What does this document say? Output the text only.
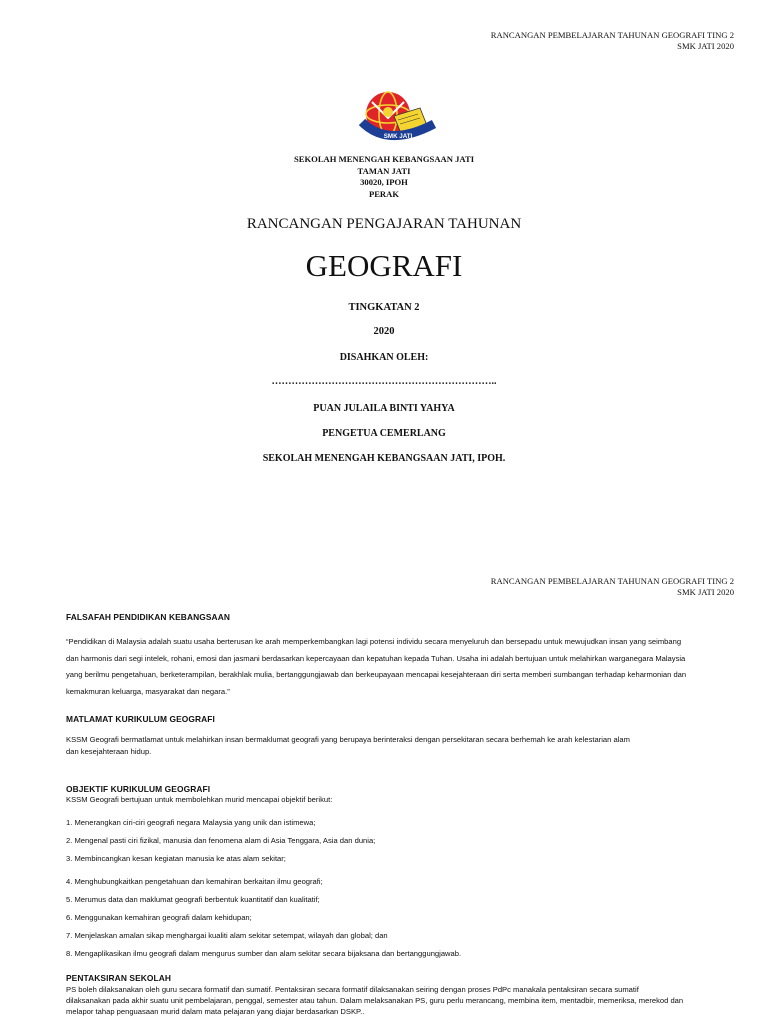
RANCANGAN PEMBELAJARAN TAHUNAN GEOGRAFI TING 2
SMK JATI 2020
SMK JATI
SEKOLAH MENENGAH KEBANGSAAN JATI
TAMAN JATI
30020, IPOH
PERAK
RANCANGAN PENGAJARAN TAHUNAN
GEOGRAFI
TINGKATAN 2
2020
DISAHKAN OLEH:
…………………………………………………………..
PUAN JULAILA BINTI YAHYA
PENGETUA CEMERLANG
SEKOLAH MENENGAH KEBANGSAAN JATI, IPOH.
RANCANGAN PEMBELAJARAN TAHUNAN GEOGRAFI TING 2
SMK JATI 2020
FALSAFAH PENDIDIKAN KEBANGSAAN

“Pendidikan di Malaysia adalah suatu usaha berterusan ke arah memperkembangkan lagi potensi individu secara menyeluruh dan bersepadu untuk mewujudkan insan yang seimbang

dan harmonis dari segi intelek, rohani, emosi dan jasmani berdasarkan kepercayaan dan kepatuhan kepada Tuhan. Usaha ini adalah bertujuan untuk melahirkan warganegara Malaysia

yang berilmu pengetahuan, berketerampilan, berakhlak mulia, bertanggungjawab dan berkeupayaan mencapai kesejahteraan diri serta memberi sumbangan terhadap keharmonian dan

kemakmuran keluarga, masyarakat dan negara.”

MATLAMAT KURIKULUM GEOGRAFI

KSSM Geografi bermatlamat untuk melahirkan insan bermaklumat geografi yang berupaya berinteraksi dengan persekitaran secara berhemah ke arah kelestarian alam

dan kesejahteraan hidup.

OBJEKTIF KURIKULUM GEOGRAFI
KSSM Geografi bertujuan untuk membolehkan murid mencapai objektif berikut:
1. Menerangkan ciri-ciri geografi negara Malaysia yang unik dan istimewa;
2. Mengenal pasti ciri fizikal, manusia dan fenomena alam di Asia Tenggara, Asia dan dunia;
3. Membincangkan kesan kegiatan manusia ke atas alam sekitar;
4. Menghubungkaitkan pengetahuan dan kemahiran berkaitan ilmu geografi;
5. Merumus data dan maklumat geografi berbentuk kuantitatif dan kualitatif;
6. Menggunakan kemahiran geografi dalam kehidupan;
7. Menjelaskan amalan sikap menghargai kualiti alam sekitar setempat, wilayah dan global; dan
8. Mengaplikasikan ilmu geografi dalam mengurus sumber dan alam sekitar secara bijaksana dan bertanggungjawab.
PENTAKSIRAN SEKOLAH

PS boleh dilaksanakan oleh guru secara formatif dan sumatif. Pentaksiran secara formatif dilaksanakan seiring dengan proses PdPc manakala pentaksiran secara sumatif

dilaksanakan pada akhir suatu unit pembelajaran, penggal, semester atau tahun. Dalam melaksanakan PS, guru perlu merancang, membina item, mentadbir, memeriksa, merekod dan

melapor tahap penguasaan murid dalam mata pelajaran yang diajar berdasarkan DSKP..
